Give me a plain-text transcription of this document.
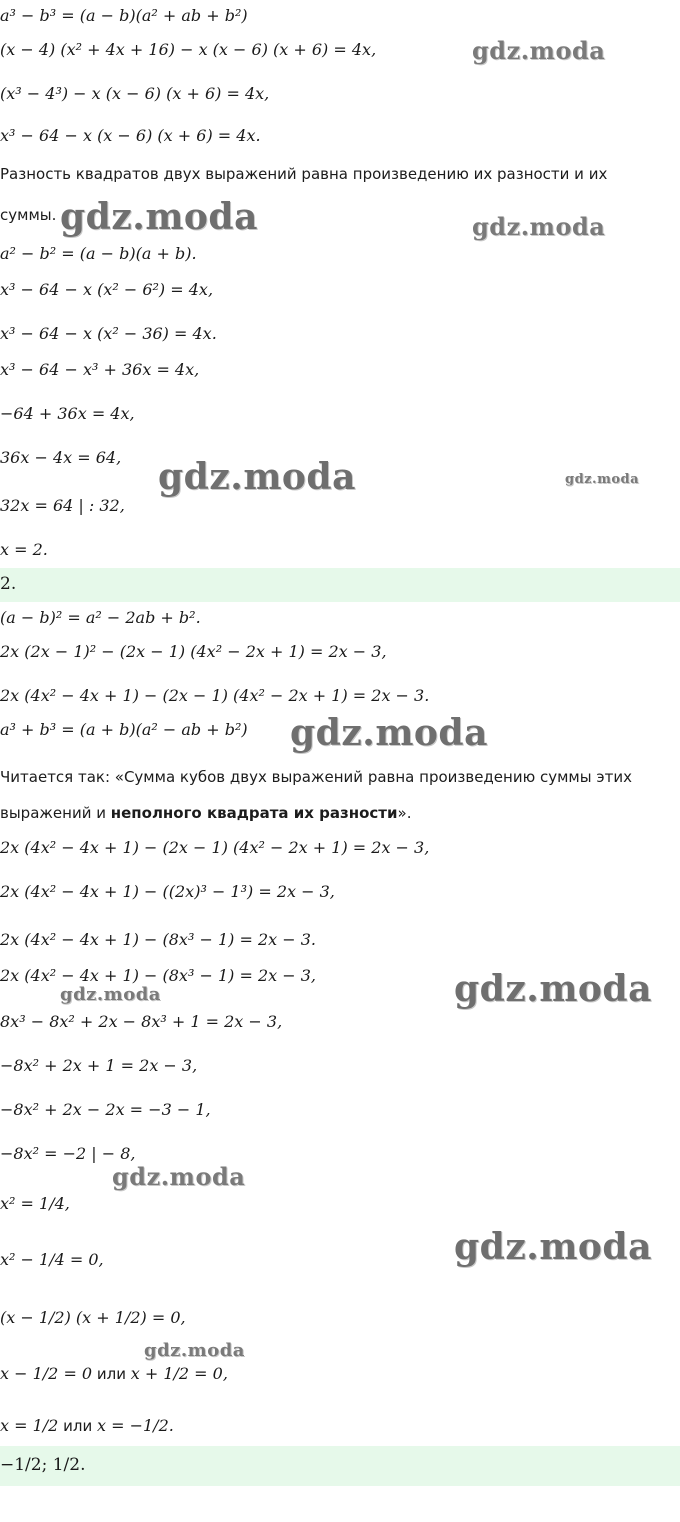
a³ − b³ = (a − b)(a² + ab + b²)
(x − 4) (x² + 4x + 16) − x (x − 6) (x + 6) = 4x,	gdz.moda
(x³ − 4³) − x (x − 6) (x + 6) = 4x,
x³ − 64 − x (x − 6) (x + 6) = 4x.
Разность квадратов двух выражений равна произведению их разности и их
суммы. gdz.moda	gdz.moda
a² − b² = (a − b)(a + b).
x³ − 64 − x (x² − 6²) = 4x,
x³ − 64 − x (x² − 36) = 4x.
x³ − 64 − x³ + 36x = 4x,
−64 + 36x = 4x,
36x − 4x = 64, gdz.moda	gdz.moda
32x = 64 | : 32,
x = 2.
2.
(a − b)² = a² − 2ab + b².
2x (2x − 1)² − (2x − 1) (4x² − 2x + 1) = 2x − 3,
2x (4x² − 4x + 1) − (2x − 1) (4x² − 2x + 1) = 2x − 3.
a³ + b³ = (a + b)(a² − ab + b²) gdz.moda
Читается так: «Сумма кубов двух выражений равна произведению суммы этих
выражений и неполного квадрата их разности».
2x (4x² − 4x + 1) − (2x − 1) (4x² − 2x + 1) = 2x − 3,
2x (4x² − 4x + 1) − ((2x)³ − 1³) = 2x − 3,
2x (4x² − 4x + 1) − (8x³ − 1) = 2x − 3.
2x (4x² − 4x + 1) − (8x³ − 1) = 2x − 3,
gdz.moda	gdz.moda
8x³ − 8x² + 2x − 8x³ + 1 = 2x − 3,
−8x² + 2x + 1 = 2x − 3,
−8x² + 2x − 2x = −3 − 1,
−8x² = −2 | − 8,
gdz.moda
x² = 1/4,
x² − 1/4 = 0,	gdz.moda
(x − 1/2) (x + 1/2) = 0,
gdz.moda
x − 1/2 = 0 или x + 1/2 = 0,
x = 1/2 или x = −1/2.
−1/2; 1/2.
